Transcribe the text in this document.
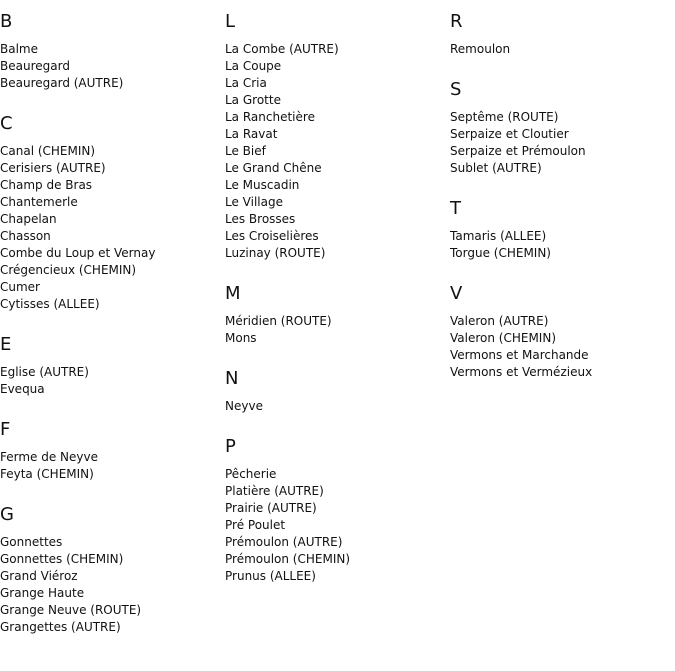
B
Balme
Beauregard
Beauregard (AUTRE)
C
Canal (CHEMIN)
Cerisiers (AUTRE)
Champ de Bras
Chantemerle
Chapelan
Chasson
Combe du Loup et Vernay
Crégencieux (CHEMIN)
Cumer
Cytisses (ALLEE)
E
Eglise (AUTRE)
Evequa
F
Ferme de Neyve
Feyta (CHEMIN)
G
Gonnettes
Gonnettes (CHEMIN)
Grand Viéroz
Grange Haute
Grange Neuve (ROUTE)
Grangettes (AUTRE)
L
La Combe (AUTRE)
La Coupe
La Cria
La Grotte
La Ranchetière
La Ravat
Le Bief
Le Grand Chêne
Le Muscadin
Le Village
Les Brosses
Les Croiselières
Luzinay (ROUTE)
M
Méridien (ROUTE)
Mons
N
Neyve
P
Pêcherie
Platière (AUTRE)
Prairie (AUTRE)
Pré Poulet
Prémoulon (AUTRE)
Prémoulon (CHEMIN)
Prunus (ALLEE)
R
Remoulon
S
Septême (ROUTE)
Serpaize et Cloutier
Serpaize et Prémoulon
Sublet (AUTRE)
T
Tamaris (ALLEE)
Torgue (CHEMIN)
V
Valeron (AUTRE)
Valeron (CHEMIN)
Vermons et Marchande
Vermons et Vermézieux
